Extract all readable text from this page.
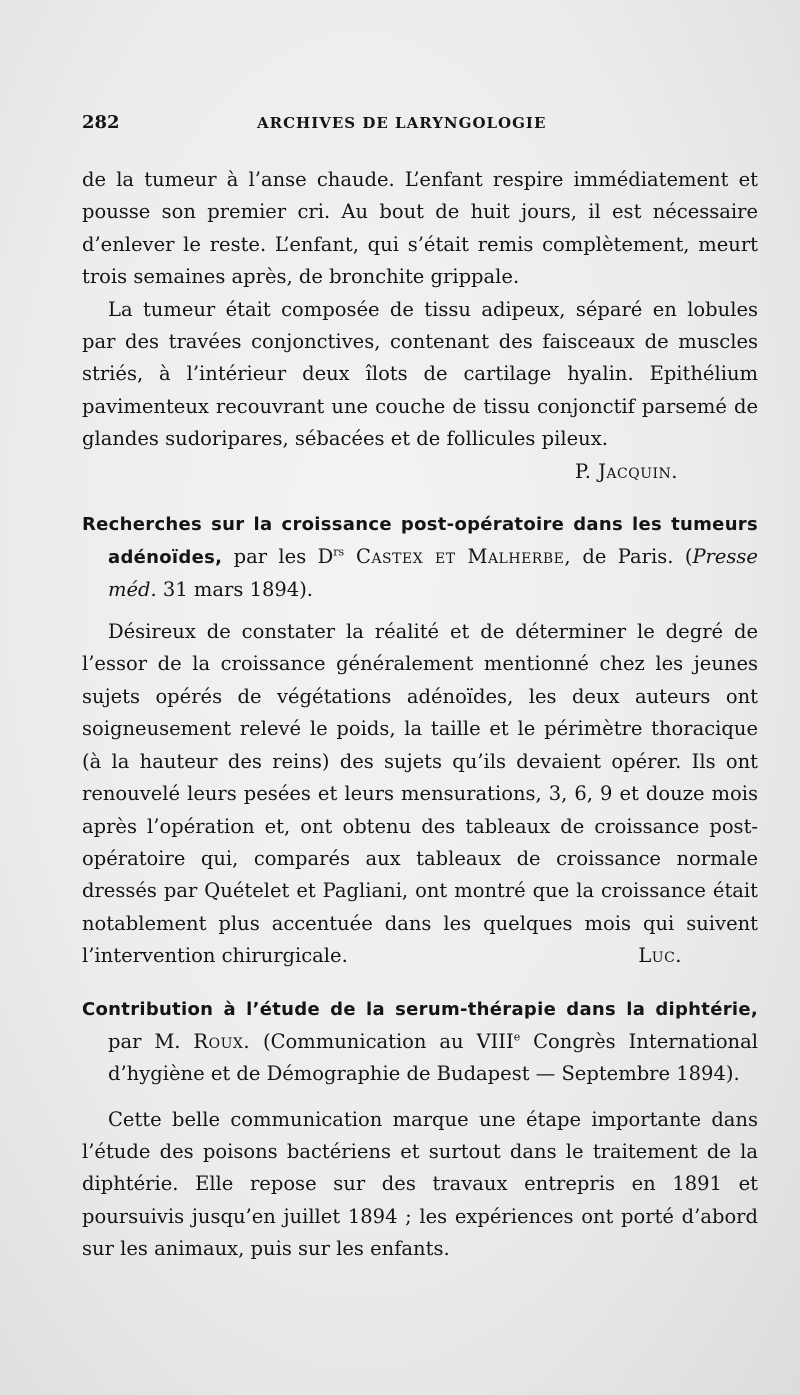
282	ARCHIVES DE LARYNGOLOGIE

de la tumeur à l’anse chaude. L’enfant respire immédiatement et pousse son premier cri. Au bout de huit jours, il est nécessaire d’enlever le reste. L’enfant, qui s’était remis complètement, meurt trois semaines après, de bronchite grippale.

La tumeur était composée de tissu adipeux, séparé en lobules par des travées conjonctives, contenant des faisceaux de muscles striés, à l’intérieur deux îlots de cartilage hyalin. Epithélium pavimenteux recouvrant une couche de tissu conjonctif parsemé de glandes sudoripares, sébacées et de follicules pileux.

P. Jacquin.

Recherches sur la croissance post-opératoire dans les tumeurs adénoïdes, par les $D^{rs}$ Castex et Malherbe, de Paris. (Presse méd. 31 mars 1894).

Désireux de constater la réalité et de déterminer le degré de l’essor de la croissance généralement mentionné chez les jeunes sujets opérés de végétations adénoïdes, les deux auteurs ont soigneusement relevé le poids, la taille et le périmètre thoracique (à la hauteur des reins) des sujets qu’ils devaient opérer. Ils ont renouvelé leurs pesées et leurs mensurations, 3, 6, 9 et douze mois après l’opération et, ont obtenu des tableaux de croissance post-opératoire qui, comparés aux tableaux de croissance normale dressés par Quételet et Pagliani, ont montré que la croissance était notablement plus accentuée dans les quelques mois qui suivent l’intervention chirurgicale.	Luc.

Contribution à l’étude de la serum-thérapie dans la diphtérie, par M. Roux. (Communication au VIIIe Congrès International d’hygiène et de Démographie de Budapest — Septembre 1894).

Cette belle communication marque une étape importante dans l’étude des poisons bactériens et surtout dans le traitement de la diphtérie. Elle repose sur des travaux entrepris en 1891 et poursuivis jusqu’en juillet 1894 ; les expériences ont porté d’abord sur les animaux, puis sur les enfants.
